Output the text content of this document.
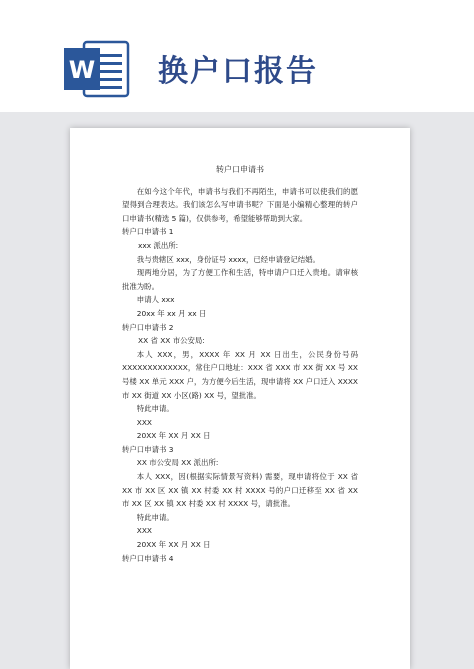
W 换户口报告
转户口申请书

在如今这个年代，申请书与我们不再陌生，申请书可以使我们的愿望得到合理表达。我们该怎么写申请书呢？下面是小编精心整理的转户口申请书(精选 5 篇)，仅供参考，希望能够帮助到大家。

转户口申请书 1

xxx 派出所:

我与贵辖区 xxx，身份证号 xxxx，已经申请登记结婚。

现两地分居，为了方便工作和生活，特申请户口迁入贵地。请审核批准为盼。

申请人 xxx

20xx 年 xx 月 xx 日

转户口申请书 2

XX 省 XX 市公安局:

本人 XXX，男，XXXX 年 XX 月 XX 日出生，公民身份号码XXXXXXXXXXXXX，常住户口地址：XXX 省 XXX 市 XX 街 XX 号 XX号楼 XX 单元 XXX 户，为方便今后生活，现申请将 XX 户口迁入 XXXX市 XX 街道 XX 小区(路) XX 号，望批准。

特此申请。

XXX

20XX 年 XX 月 XX 日

转户口申请书 3

XX 市公安局 XX 派出所:

本人 XXX，因(根据实际情景写资料) 需要，现申请将位于 XX 省 XX 市 XX 区 XX 镇 XX 村委 XX 村 XXXX 号的户口迁移至 XX 省 XX 市 XX 区 XX 镇 XX 村委 XX 村 XXXX 号，请批准。

特此申请。

XXX

20XX 年 XX 月 XX 日

转户口申请书 4
